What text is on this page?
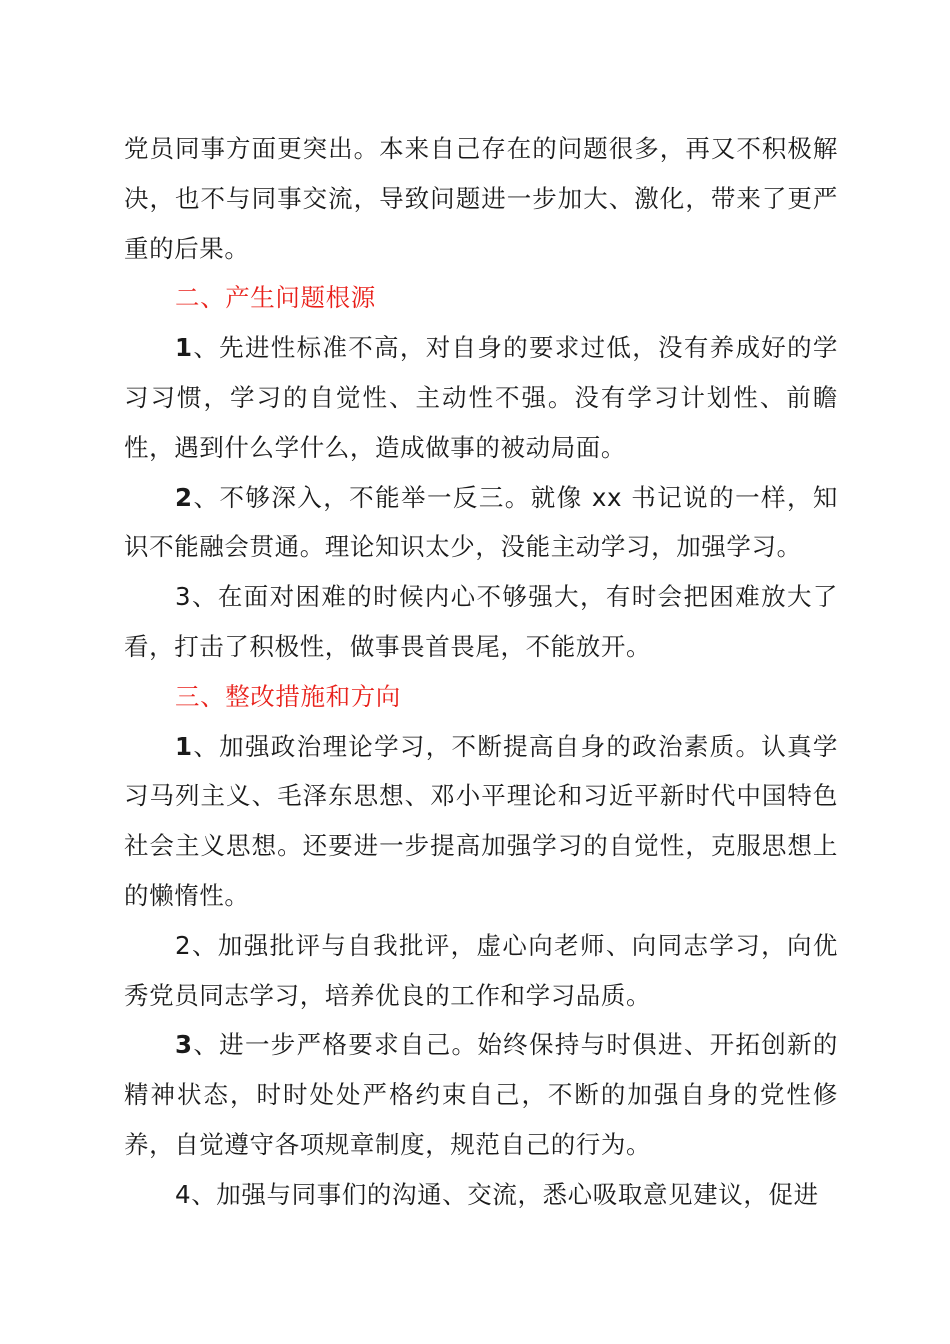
党员同事方面更突出。本来自己存在的问题很多，再又不积极解决，也不与同事交流，导致问题进一步加大、激化，带来了更严重的后果。

二、产生问题根源

1、先进性标准不高，对自身的要求过低，没有养成好的学习习惯，学习的自觉性、主动性不强。没有学习计划性、前瞻性，遇到什么学什么，造成做事的被动局面。

2、不够深入，不能举一反三。就像 xx 书记说的一样，知识不能融会贯通。理论知识太少，没能主动学习，加强学习。

3、在面对困难的时候内心不够强大，有时会把困难放大了看，打击了积极性，做事畏首畏尾，不能放开。

三、整改措施和方向

1、加强政治理论学习，不断提高自身的政治素质。认真学习马列主义、毛泽东思想、邓小平理论和习近平新时代中国特色社会主义思想。还要进一步提高加强学习的自觉性，克服思想上的懒惰性。

2、加强批评与自我批评，虚心向老师、向同志学习，向优秀党员同志学习，培养优良的工作和学习品质。

3、进一步严格要求自己。始终保持与时俱进、开拓创新的精神状态，时时处处严格约束自己，不断的加强自身的党性修养，自觉遵守各项规章制度，规范自己的行为。

4、加强与同事们的沟通、交流，悉心吸取意见建议，促进
